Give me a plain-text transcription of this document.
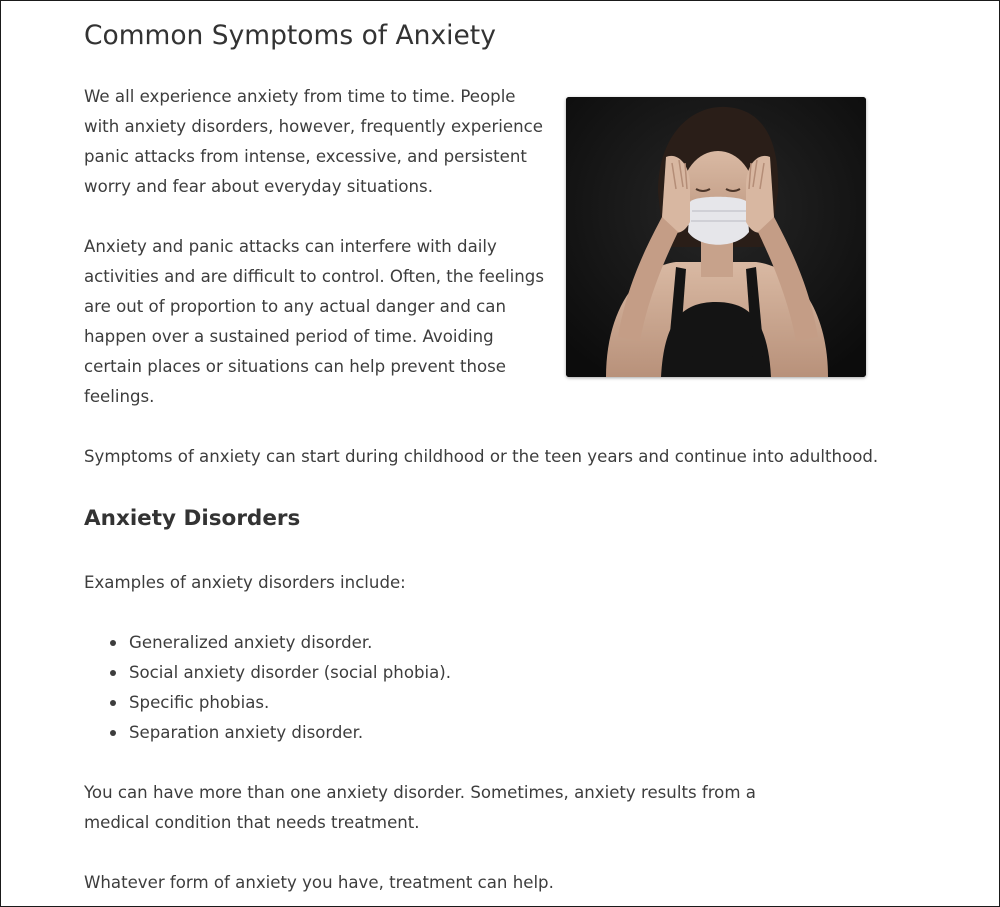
Common Symptoms of Anxiety

We all experience anxiety from time to time. People with anxiety disorders, however, frequently experience panic attacks from intense, excessive, and persistent worry and fear about everyday situations.

Anxiety and panic attacks can interfere with daily activities and are difficult to control. Often, the feelings are out of proportion to any actual danger and can happen over a sustained period of time. Avoiding certain places or situations can help prevent those feelings.

Symptoms of anxiety can start during childhood or the teen years and continue into adulthood.

Anxiety Disorders

Examples of anxiety disorders include:

Generalized anxiety disorder.
Social anxiety disorder (social phobia).
Specific phobias.
Separation anxiety disorder.

You can have more than one anxiety disorder. Sometimes, anxiety results from a medical condition that needs treatment.

Whatever form of anxiety you have, treatment can help.
